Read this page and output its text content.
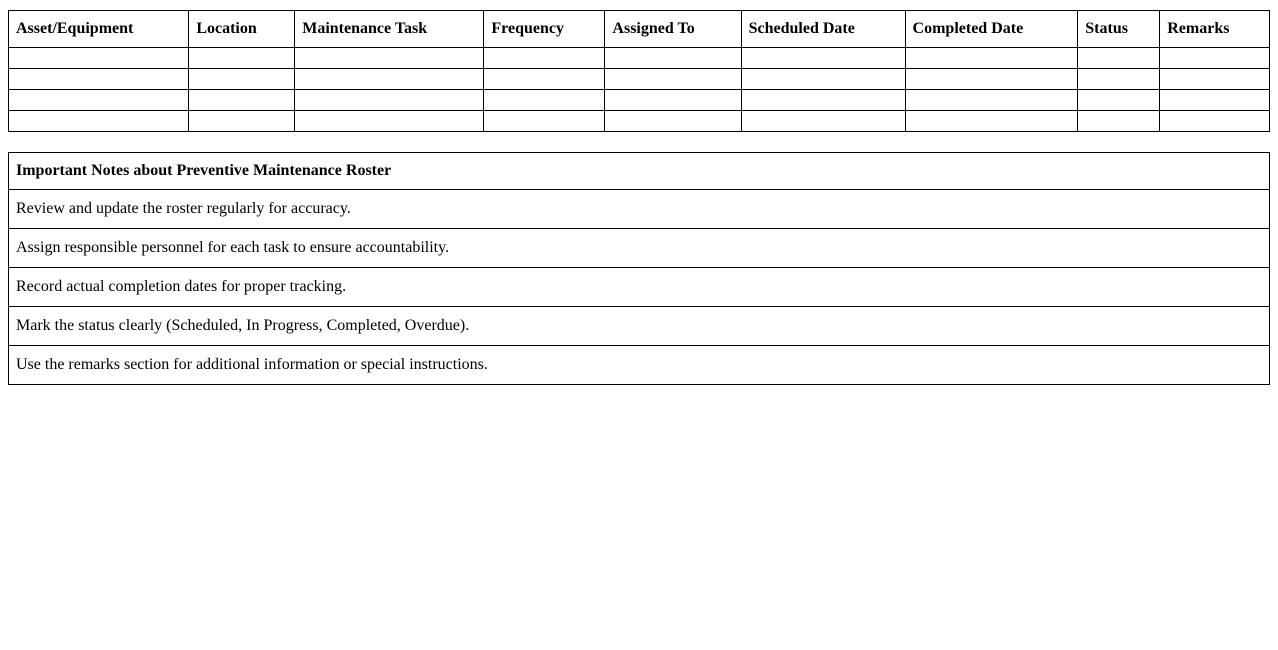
Asset/Equipment	Location	Maintenance Task	Frequency	Assigned To	Scheduled Date	Completed Date	Status	Remarks

Important Notes about Preventive Maintenance Roster
Review and update the roster regularly for accuracy.
Assign responsible personnel for each task to ensure accountability.
Record actual completion dates for proper tracking.
Mark the status clearly (Scheduled, In Progress, Completed, Overdue).
Use the remarks section for additional information or special instructions.
